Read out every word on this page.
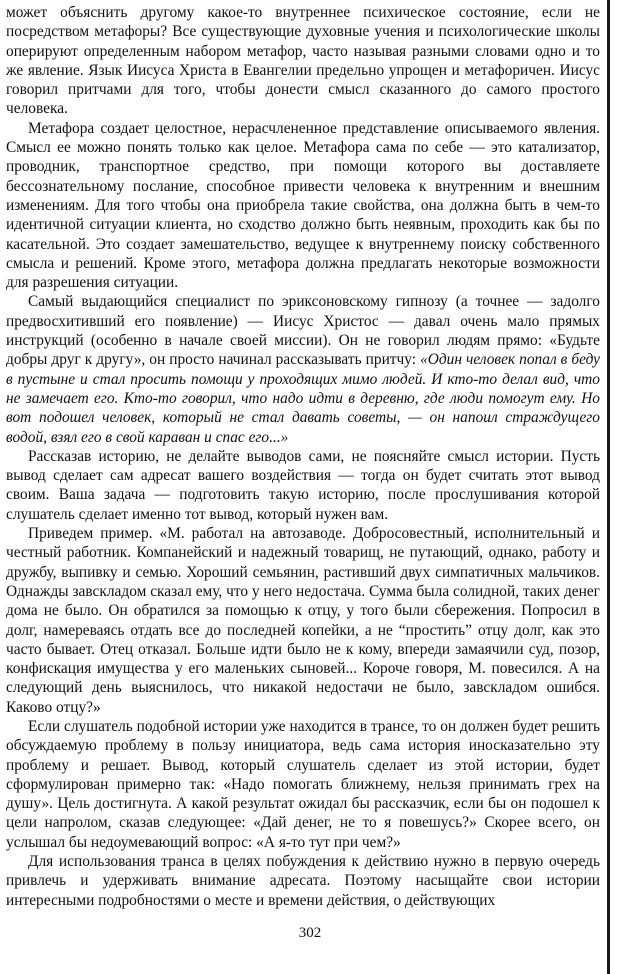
может объяснить другому какое-то внутреннее психическое состояние, если не посредством метафоры? Все существующие духовные учения и психологические школы оперируют определенным набором метафор, часто называя разными словами одно и то же явление. Язык Иисуса Христа в Евангелии предельно упрощен и метафоричен. Иисус говорил притчами для того, чтобы донести смысл сказанного до самого простого человека.

Метафора создает целостное, нерасчлененное представление описываемого явления. Смысл ее можно понять только как целое. Метафора сама по себе — это катализатор, проводник, транспортное средство, при помощи которого вы доставляете бессознательному послание, способное привести человека к внутренним и внешним изменениям. Для того чтобы она приобрела такие свойства, она должна быть в чем-то идентичной ситуации клиента, но сходство должно быть неявным, проходить как бы по касательной. Это создает замешательство, ведущее к внутреннему поиску собственного смысла и решений. Кроме этого, метафора должна предлагать некоторые возможности для разрешения ситуации.

Самый выдающийся специалист по эриксоновскому гипнозу (а точнее — задолго предвосхитивший его появление) — Иисус Христос — давал очень мало прямых инструкций (особенно в начале своей миссии). Он не говорил людям прямо: «Будьте добры друг к другу», он просто начинал рассказывать притчу: «Один человек попал в беду в пустыне и стал просить помощи у проходящих мимо людей. И кто-то делал вид, что не замечает его. Кто-то говорил, что надо идти в деревню, где люди помогут ему. Но вот подошел человек, который не стал давать советы, — он напоил страждущего водой, взял его в свой караван и спас его...»

Рассказав историю, не делайте выводов сами, не поясняйте смысл истории. Пусть вывод сделает сам адресат вашего воздействия — тогда он будет считать этот вывод своим. Ваша задача — подготовить такую историю, после прослушивания которой слушатель сделает именно тот вывод, который нужен вам.

Приведем пример. «М. работал на автозаводе. Добросовестный, исполнительный и честный работник. Компанейский и надежный товарищ, не путающий, однако, работу и дружбу, выпивку и семью. Хороший семьянин, растивший двух симпатичных мальчиков. Однажды завскладом сказал ему, что у него недостача. Сумма была солидной, таких денег дома не было. Он обратился за помощью к отцу, у того были сбережения. Попросил в долг, намереваясь отдать все до последней копейки, а не “простить” отцу долг, как это часто бывает. Отец отказал. Больше идти было не к кому, впереди замаячили суд, позор, конфискация имущества у его маленьких сыновей... Короче говоря, М. повесился. А на следующий день выяснилось, что никакой недостачи не было, завскладом ошибся. Каково отцу?»

Если слушатель подобной истории уже находится в трансе, то он должен будет решить обсуждаемую проблему в пользу инициатора, ведь сама история иносказательно эту проблему и решает. Вывод, который слушатель сделает из этой истории, будет сформулирован примерно так: «Надо помогать ближнему, нельзя принимать грех на душу». Цель достигнута. А какой результат ожидал бы рассказчик, если бы он подошел к цели напролом, сказав следующее: «Дай денег, не то я повешусь?» Скорее всего, он услышал бы недоумевающий вопрос: «А я-то тут при чем?»

Для использования транса в целях побуждения к действию нужно в первую очередь привлечь и удерживать внимание адресата. Поэтому насыщайте свои истории интересными подробностями о месте и времени действия, о действующих

302
